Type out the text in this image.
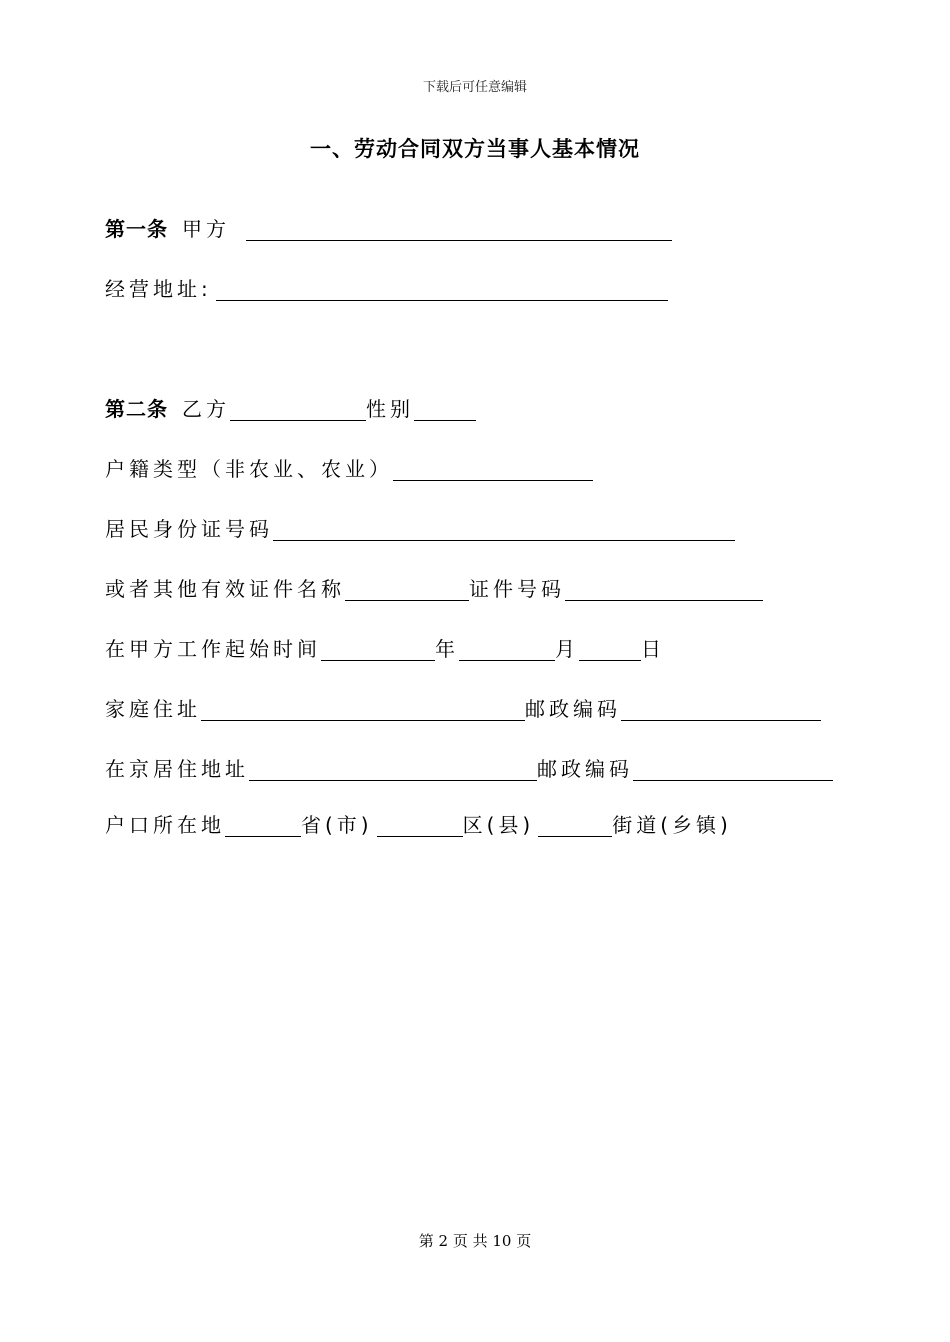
下载后可任意编辑
一、劳动合同双方当事人基本情况
第一条 甲方
经营地址:
第二条 乙方	性别
户籍类型（非农业、农业）
居民身份证号码
或者其他有效证件名称	证件号码
在甲方工作起始时间	年	月	日
家庭住址	邮政编码
在京居住地址	邮政编码
户口所在地	省(市)	区(县)	街道(乡镇)
第 2 页 共 10 页
